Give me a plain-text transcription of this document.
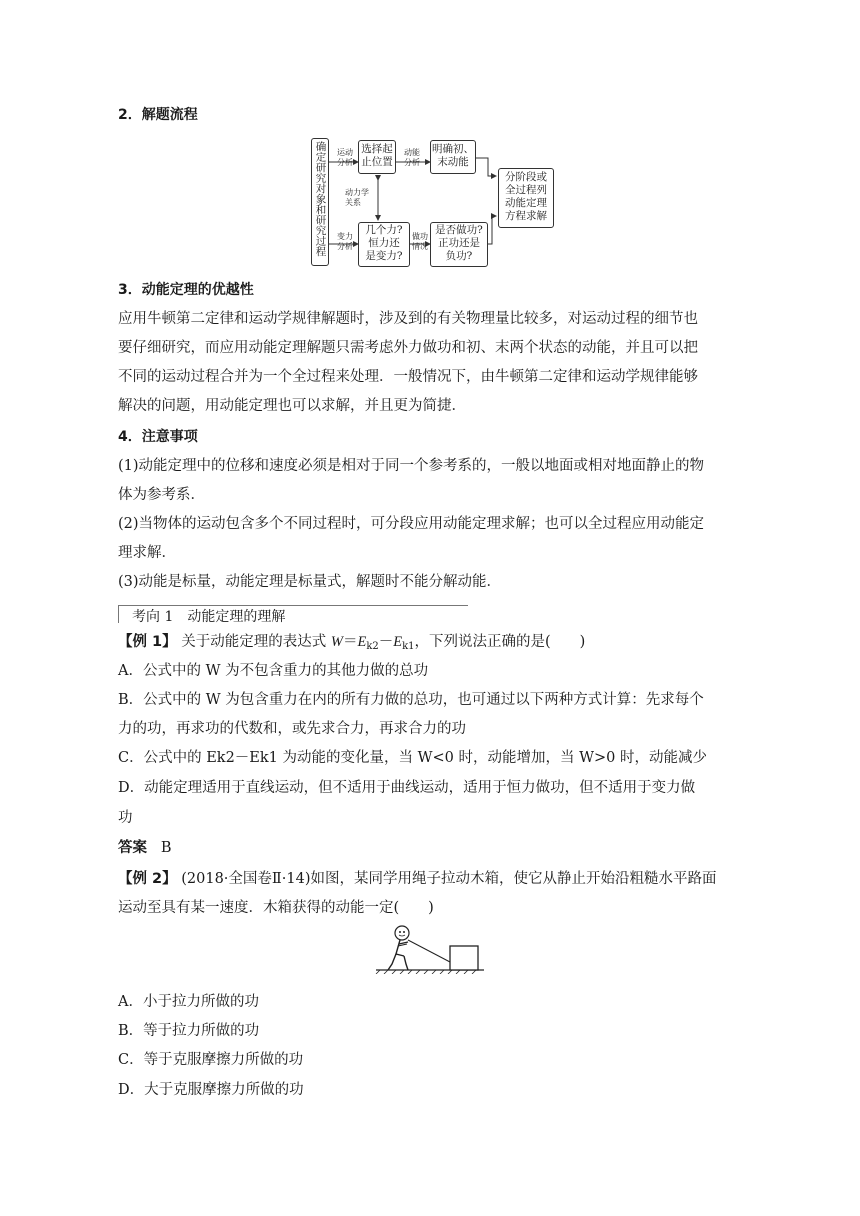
2．解题流程
确定研究对象和研究过程	运动
分析
选择起
止位置
动能
分析
明确初、
末动能
动力学
关系
变力
分析
几个力?
恒力还
是变力?
做功
情况
是否做功?
正功还是
负功?
分阶段或
全过程列
动能定理
方程求解
3．动能定理的优越性
应用牛顿第二定律和运动学规律解题时，涉及到的有关物理量比较多，对运动过程的细节也
要仔细研究，而应用动能定理解题只需考虑外力做功和初、末两个状态的动能，并且可以把
不同的运动过程合并为一个全过程来处理．一般情况下，由牛顿第二定律和运动学规律能够
解决的问题，用动能定理也可以求解，并且更为简捷．
4．注意事项
(1)动能定理中的位移和速度必须是相对于同一个参考系的，一般以地面或相对地面静止的物
体为参考系．
(2)当物体的运动包含多个不同过程时，可分段应用动能定理求解；也可以全过程应用动能定
理求解．
(3)动能是标量，动能定理是标量式，解题时不能分解动能．
考向 1　动能定理的理解
【例 1】 关于动能定理的表达式 $W=E_{k2}-E_{k1}$，下列说法正确的是(　　)
A．公式中的 W 为不包含重力的其他力做的总功
B．公式中的 W 为包含重力在内的所有力做的总功，也可通过以下两种方式计算：先求每个
力的功，再求功的代数和，或先求合力，再求合力的功
C．公式中的 Ek2－Ek1 为动能的变化量，当 W<0 时，动能增加，当 W>0 时，动能减少
D．动能定理适用于直线运动，但不适用于曲线运动，适用于恒力做功，但不适用于变力做
功
答案 B
【例 2】 (2018·全国卷Ⅱ·14)如图，某同学用绳子拉动木箱，使它从静止开始沿粗糙水平路面
运动至具有某一速度．木箱获得的动能一定(　　)
A．小于拉力所做的功
B．等于拉力所做的功
C．等于克服摩擦力所做的功
D．大于克服摩擦力所做的功
